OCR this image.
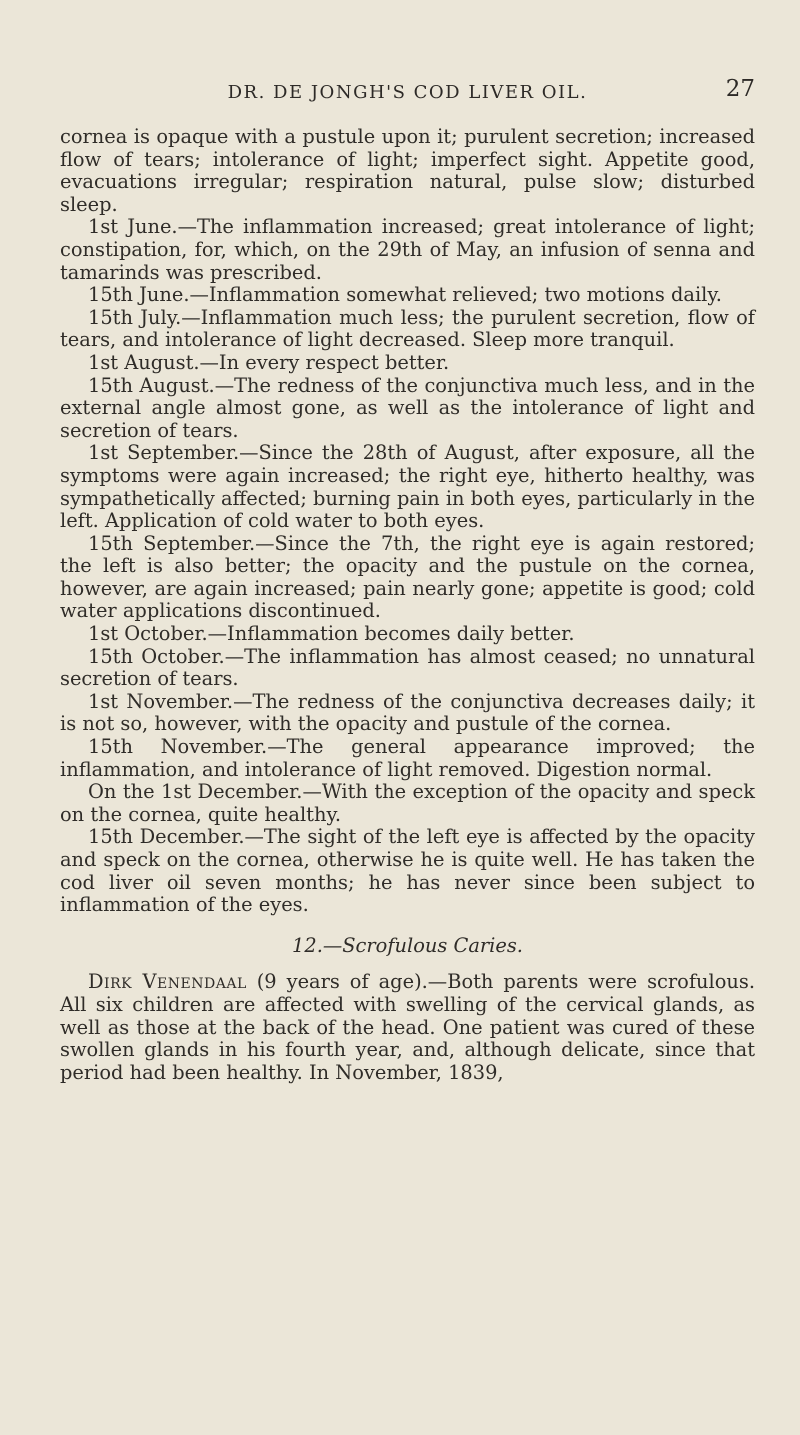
DR. DE JONGH'S COD LIVER OIL.	27

cornea is opaque with a pustule upon it; purulent secretion; increased flow of tears; intolerance of light; imperfect sight. Appetite good, evacuations irregular; respiration natural, pulse slow; disturbed sleep.

1st June.—The inflammation increased; great intolerance of light; constipation, for, which, on the 29th of May, an infusion of senna and tamarinds was prescribed.

15th June.—Inflammation somewhat relieved; two motions daily.

15th July.—Inflammation much less; the purulent secretion, flow of tears, and intolerance of light decreased. Sleep more tranquil.

1st August.—In every respect better.

15th August.—The redness of the conjunctiva much less, and in the external angle almost gone, as well as the intolerance of light and secretion of tears.

1st September.—Since the 28th of August, after exposure, all the symptoms were again increased; the right eye, hitherto healthy, was sympathetically affected; burning pain in both eyes, particularly in the left. Application of cold water to both eyes.

15th September.—Since the 7th, the right eye is again restored; the left is also better; the opacity and the pustule on the cornea, however, are again increased; pain nearly gone; appetite is good; cold water applications discontinued.

1st October.—Inflammation becomes daily better.

15th October.—The inflammation has almost ceased; no unnatural secretion of tears.

1st November.—The redness of the conjunctiva decreases daily; it is not so, however, with the opacity and pustule of the cornea.

15th November.—The general appearance improved; the inflammation, and intolerance of light removed. Digestion normal.

On the 1st December.—With the exception of the opacity and speck on the cornea, quite healthy.

15th December.—The sight of the left eye is affected by the opacity and speck on the cornea, otherwise he is quite well. He has taken the cod liver oil seven months; he has never since been subject to inflammation of the eyes.

12.—Scrofulous Caries.

Dirk Venendaal (9 years of age).—Both parents were scrofulous. All six children are affected with swelling of the cervical glands, as well as those at the back of the head. One patient was cured of these swollen glands in his fourth year, and, although delicate, since that period had been healthy. In November, 1839,
